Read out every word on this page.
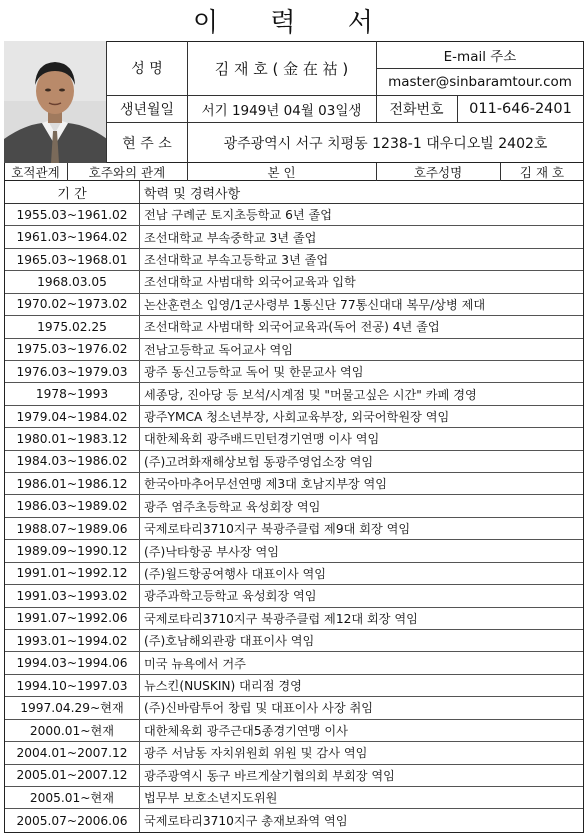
이 력 서
성 명	김 재 호 ( 金 在 祜 )
E-mail 주소
master@sinbaramtour.com
생년월일	서기 1949년 04월 03일생	전화번호	011-646-2401
현 주 소	광주광역시 서구 치평동 1238-1 대우디오빌 2402호
호적관계	호주와의 관계	본 인	호주성명	김 재 호
기 간	학력 및 경력사항
1955.03~1961.02	전남 구례군 토지초등학교 6년 졸업
1961.03~1964.02	조선대학교 부속중학교 3년 졸업
1965.03~1968.01	조선대학교 부속고등학교 3년 졸업
1968.03.05	조선대학교 사범대학 외국어교육과 입학
1970.02~1973.02	논산훈련소 입영/1군사령부 1통신단 77통신대대 복무/상병 제대
1975.02.25	조선대학교 사범대학 외국어교육과(독어 전공) 4년 졸업
1975.03~1976.02	전남고등학교 독어교사 역임
1976.03~1979.03	광주 동신고등학교 독어 및 한문교사 역임
1978~1993	세종당, 진아당 등 보석/시계점 및 "머물고싶은 시간" 카페 경영
1979.04~1984.02	광주YMCA 청소년부장, 사회교육부장, 외국어학원장 역임
1980.01~1983.12	대한체육회 광주배드민턴경기연맹 이사 역임
1984.03~1986.02	(주)고려화재해상보험 동광주영업소장 역임
1986.01~1986.12	한국아마추어무선연맹 제3대 호남지부장 역임
1986.03~1989.02	광주 염주초등학교 육성회장 역임
1988.07~1989.06	국제로타리3710지구 북광주클럽 제9대 회장 역임
1989.09~1990.12	(주)낙타항공 부사장 역임
1991.01~1992.12	(주)월드항공여행사 대표이사 역임
1991.03~1993.02	광주과학고등학교 육성회장 역임
1991.07~1992.06	국제로타리3710지구 북광주클럽 제12대 회장 역임
1993.01~1994.02	(주)호남해외관광 대표이사 역임
1994.03~1994.06	미국 뉴욕에서 거주
1994.10~1997.03	뉴스킨(NUSKIN) 대리점 경영
1997.04.29~현재	(주)신바람투어 창립 및 대표이사 사장 취임
2000.01~현재	대한체육회 광주근대5종경기연맹 이사
2004.01~2007.12	광주 서남동 자치위원회 위원 및 감사 역임
2005.01~2007.12	광주광역시 동구 바르게살기협의회 부회장 역임
2005.01~현재	법무부 보호소년지도위원
2005.07~2006.06	국제로타리3710지구 총재보좌역 역임
